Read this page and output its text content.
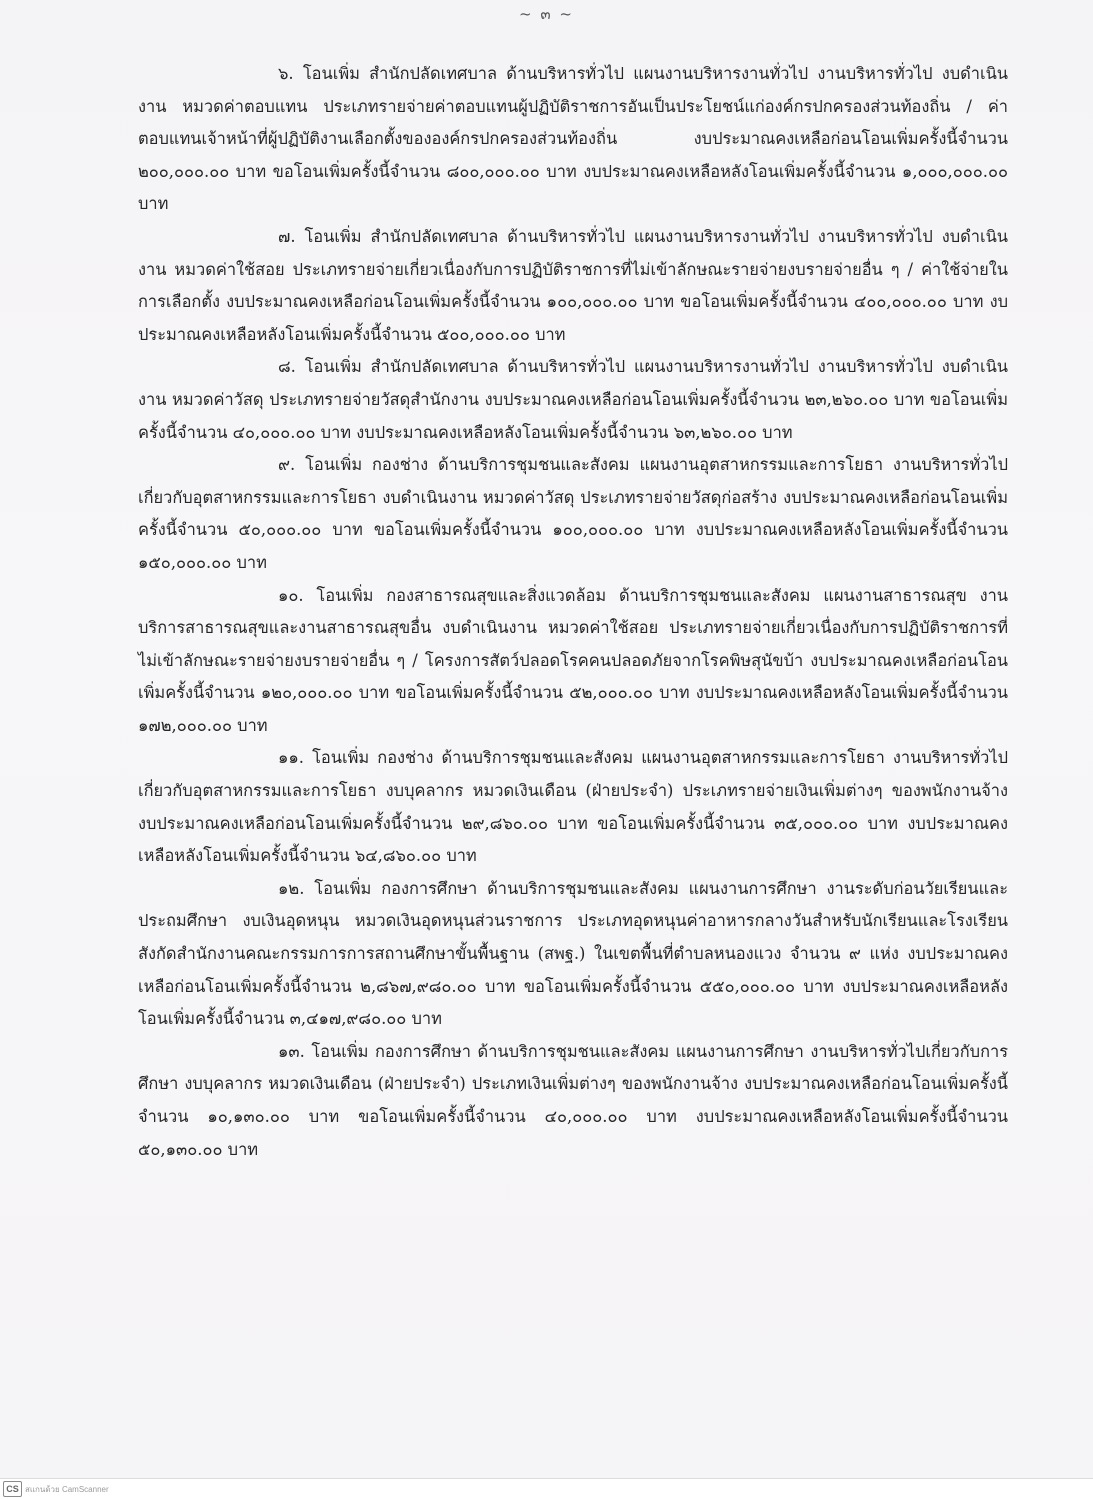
~ ๓ ~

๖. โอนเพิ่ม สำนักปลัดเทศบาล ด้านบริหารทั่วไป แผนงานบริหารงานทั่วไป งานบริหารทั่วไป งบดำเนินงาน หมวดค่าตอบแทน ประเภทรายจ่ายค่าตอบแทนผู้ปฏิบัติราชการอันเป็นประโยชน์แก่องค์กรปกครองส่วนท้องถิ่น / ค่าตอบแทนเจ้าหน้าที่ผู้ปฏิบัติงานเลือกตั้งขององค์กรปกครองส่วนท้องถิ่น งบประมาณคงเหลือก่อนโอนเพิ่มครั้งนี้จำนวน ๒๐๐,๐๐๐.๐๐ บาท ขอโอนเพิ่มครั้งนี้จำนวน ๘๐๐,๐๐๐.๐๐ บาท งบประมาณคงเหลือหลังโอนเพิ่มครั้งนี้จำนวน ๑,๐๐๐,๐๐๐.๐๐ บาท

๗. โอนเพิ่ม สำนักปลัดเทศบาล ด้านบริหารทั่วไป แผนงานบริหารงานทั่วไป งานบริหารทั่วไป งบดำเนินงาน หมวดค่าใช้สอย ประเภทรายจ่ายเกี่ยวเนื่องกับการปฏิบัติราชการที่ไม่เข้าลักษณะรายจ่ายงบรายจ่ายอื่น ๆ / ค่าใช้จ่ายในการเลือกตั้ง งบประมาณคงเหลือก่อนโอนเพิ่มครั้งนี้จำนวน ๑๐๐,๐๐๐.๐๐ บาท ขอโอนเพิ่มครั้งนี้จำนวน ๔๐๐,๐๐๐.๐๐ บาท งบประมาณคงเหลือหลังโอนเพิ่มครั้งนี้จำนวน ๕๐๐,๐๐๐.๐๐ บาท

๘. โอนเพิ่ม สำนักปลัดเทศบาล ด้านบริหารทั่วไป แผนงานบริหารงานทั่วไป งานบริหารทั่วไป งบดำเนินงาน หมวดค่าวัสดุ ประเภทรายจ่ายวัสดุสำนักงาน งบประมาณคงเหลือก่อนโอนเพิ่มครั้งนี้จำนวน ๒๓,๒๖๐.๐๐ บาท ขอโอนเพิ่มครั้งนี้จำนวน ๔๐,๐๐๐.๐๐ บาท งบประมาณคงเหลือหลังโอนเพิ่มครั้งนี้จำนวน ๖๓,๒๖๐.๐๐ บาท

๙. โอนเพิ่ม กองช่าง ด้านบริการชุมชนและสังคม แผนงานอุตสาหกรรมและการโยธา งานบริหารทั่วไปเกี่ยวกับอุตสาหกรรมและการโยธา งบดำเนินงาน หมวดค่าวัสดุ ประเภทรายจ่ายวัสดุก่อสร้าง งบประมาณคงเหลือก่อนโอนเพิ่มครั้งนี้จำนวน ๕๐,๐๐๐.๐๐ บาท ขอโอนเพิ่มครั้งนี้จำนวน ๑๐๐,๐๐๐.๐๐ บาท งบประมาณคงเหลือหลังโอนเพิ่มครั้งนี้จำนวน ๑๕๐,๐๐๐.๐๐ บาท

๑๐. โอนเพิ่ม กองสาธารณสุขและสิ่งแวดล้อม ด้านบริการชุมชนและสังคม แผนงานสาธารณสุข งานบริการสาธารณสุขและงานสาธารณสุขอื่น งบดำเนินงาน หมวดค่าใช้สอย ประเภทรายจ่ายเกี่ยวเนื่องกับการปฏิบัติราชการที่ไม่เข้าลักษณะรายจ่ายงบรายจ่ายอื่น ๆ / โครงการสัตว์ปลอดโรคคนปลอดภัยจากโรคพิษสุนัขบ้า งบประมาณคงเหลือก่อนโอนเพิ่มครั้งนี้จำนวน ๑๒๐,๐๐๐.๐๐ บาท ขอโอนเพิ่มครั้งนี้จำนวน ๕๒,๐๐๐.๐๐ บาท งบประมาณคงเหลือหลังโอนเพิ่มครั้งนี้จำนวน ๑๗๒,๐๐๐.๐๐ บาท

๑๑. โอนเพิ่ม กองช่าง ด้านบริการชุมชนและสังคม แผนงานอุตสาหกรรมและการโยธา งานบริหารทั่วไปเกี่ยวกับอุตสาหกรรมและการโยธา งบบุคลากร หมวดเงินเดือน (ฝ่ายประจำ) ประเภทรายจ่ายเงินเพิ่มต่างๆ ของพนักงานจ้าง งบประมาณคงเหลือก่อนโอนเพิ่มครั้งนี้จำนวน ๒๙,๘๖๐.๐๐ บาท ขอโอนเพิ่มครั้งนี้จำนวน ๓๕,๐๐๐.๐๐ บาท งบประมาณคงเหลือหลังโอนเพิ่มครั้งนี้จำนวน ๖๔,๘๖๐.๐๐ บาท

๑๒. โอนเพิ่ม กองการศึกษา ด้านบริการชุมชนและสังคม แผนงานการศึกษา งานระดับก่อนวัยเรียนและประถมศึกษา งบเงินอุดหนุน หมวดเงินอุดหนุนส่วนราชการ ประเภทอุดหนุนค่าอาหารกลางวันสำหรับนักเรียนและโรงเรียนสังกัดสำนักงานคณะกรรมการการสถานศึกษาขั้นพื้นฐาน (สพฐ.) ในเขตพื้นที่ตำบลหนองแวง จำนวน ๙ แห่ง งบประมาณคงเหลือก่อนโอนเพิ่มครั้งนี้จำนวน ๒,๘๖๗,๙๘๐.๐๐ บาท ขอโอนเพิ่มครั้งนี้จำนวน ๕๕๐,๐๐๐.๐๐ บาท งบประมาณคงเหลือหลังโอนเพิ่มครั้งนี้จำนวน ๓,๔๑๗,๙๘๐.๐๐ บาท

๑๓. โอนเพิ่ม กองการศึกษา ด้านบริการชุมชนและสังคม แผนงานการศึกษา งานบริหารทั่วไปเกี่ยวกับการศึกษา งบบุคลากร หมวดเงินเดือน (ฝ่ายประจำ) ประเภทเงินเพิ่มต่างๆ ของพนักงานจ้าง งบประมาณคงเหลือก่อนโอนเพิ่มครั้งนี้จำนวน ๑๐,๑๓๐.๐๐ บาท ขอโอนเพิ่มครั้งนี้จำนวน ๔๐,๐๐๐.๐๐ บาท งบประมาณคงเหลือหลังโอนเพิ่มครั้งนี้จำนวน ๕๐,๑๓๐.๐๐ บาท

CS สแกนด้วย CamScanner
